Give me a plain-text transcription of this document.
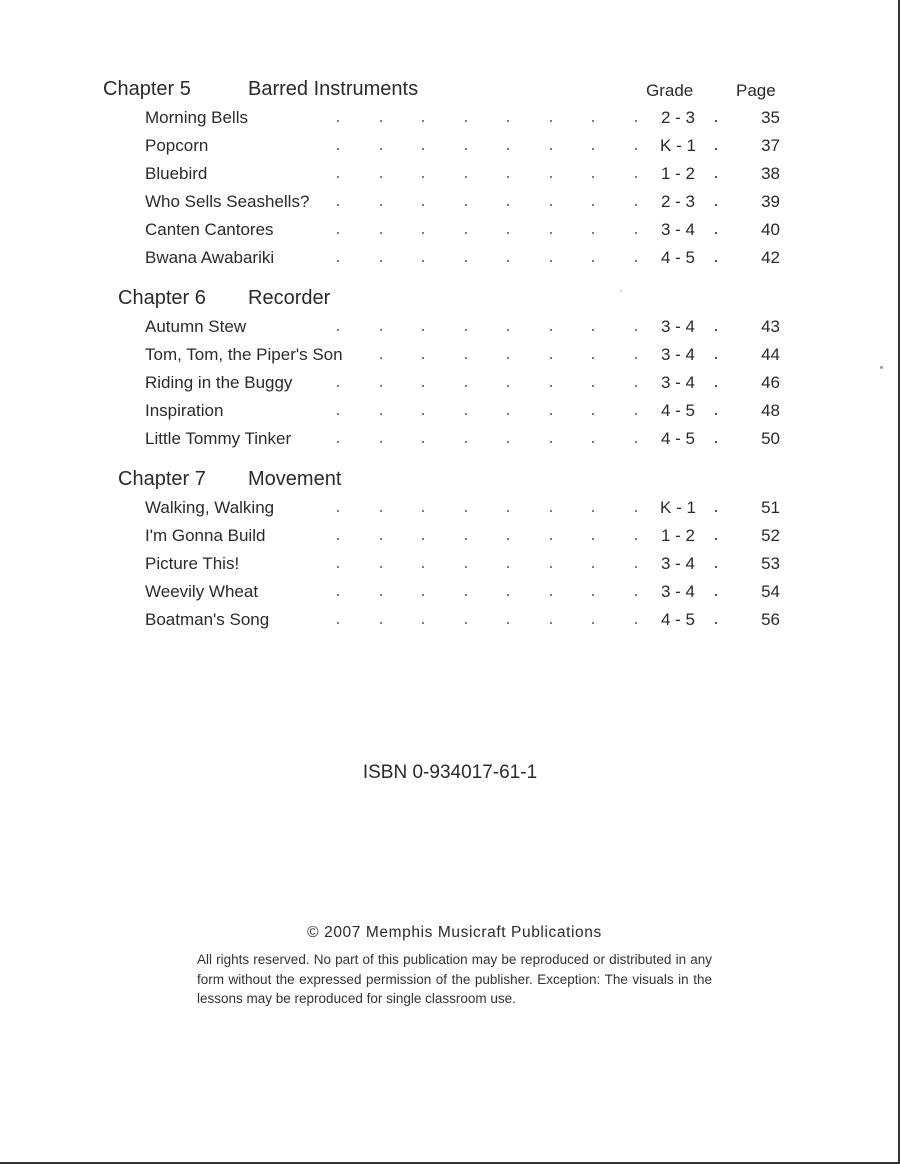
Chapter 5	Barred Instruments	Grade	Page
Morning Bells	2 - 3	35
Popcorn	K - 1	37
Bluebird	1 - 2	38
Who Sells Seashells?	2 - 3	39
Canten Cantores	3 - 4	40
Bwana Awabariki	4 - 5	42
Chapter 6 Recorder
Autumn Stew	3 - 4	43
Tom, Tom, the Piper's Son	3 - 4	44
Riding in the Buggy	3 - 4	46
Inspiration	4 - 5	48
Little Tommy Tinker	4 - 5	50
Chapter 7 Movement
Walking, Walking	K - 1	51
I'm Gonna Build	1 - 2	52
Picture This!	3 - 4	53
Weevily Wheat	3 - 4	54
Boatman's Song	4 - 5	56
ISBN 0-934017-61-1
© 2007 Memphis Musicraft Publications
All rights reserved. No part of this publication may be reproduced or distributed in any form without the expressed permission of the publisher. Exception: The visuals in the lessons may be reproduced for single classroom use.
